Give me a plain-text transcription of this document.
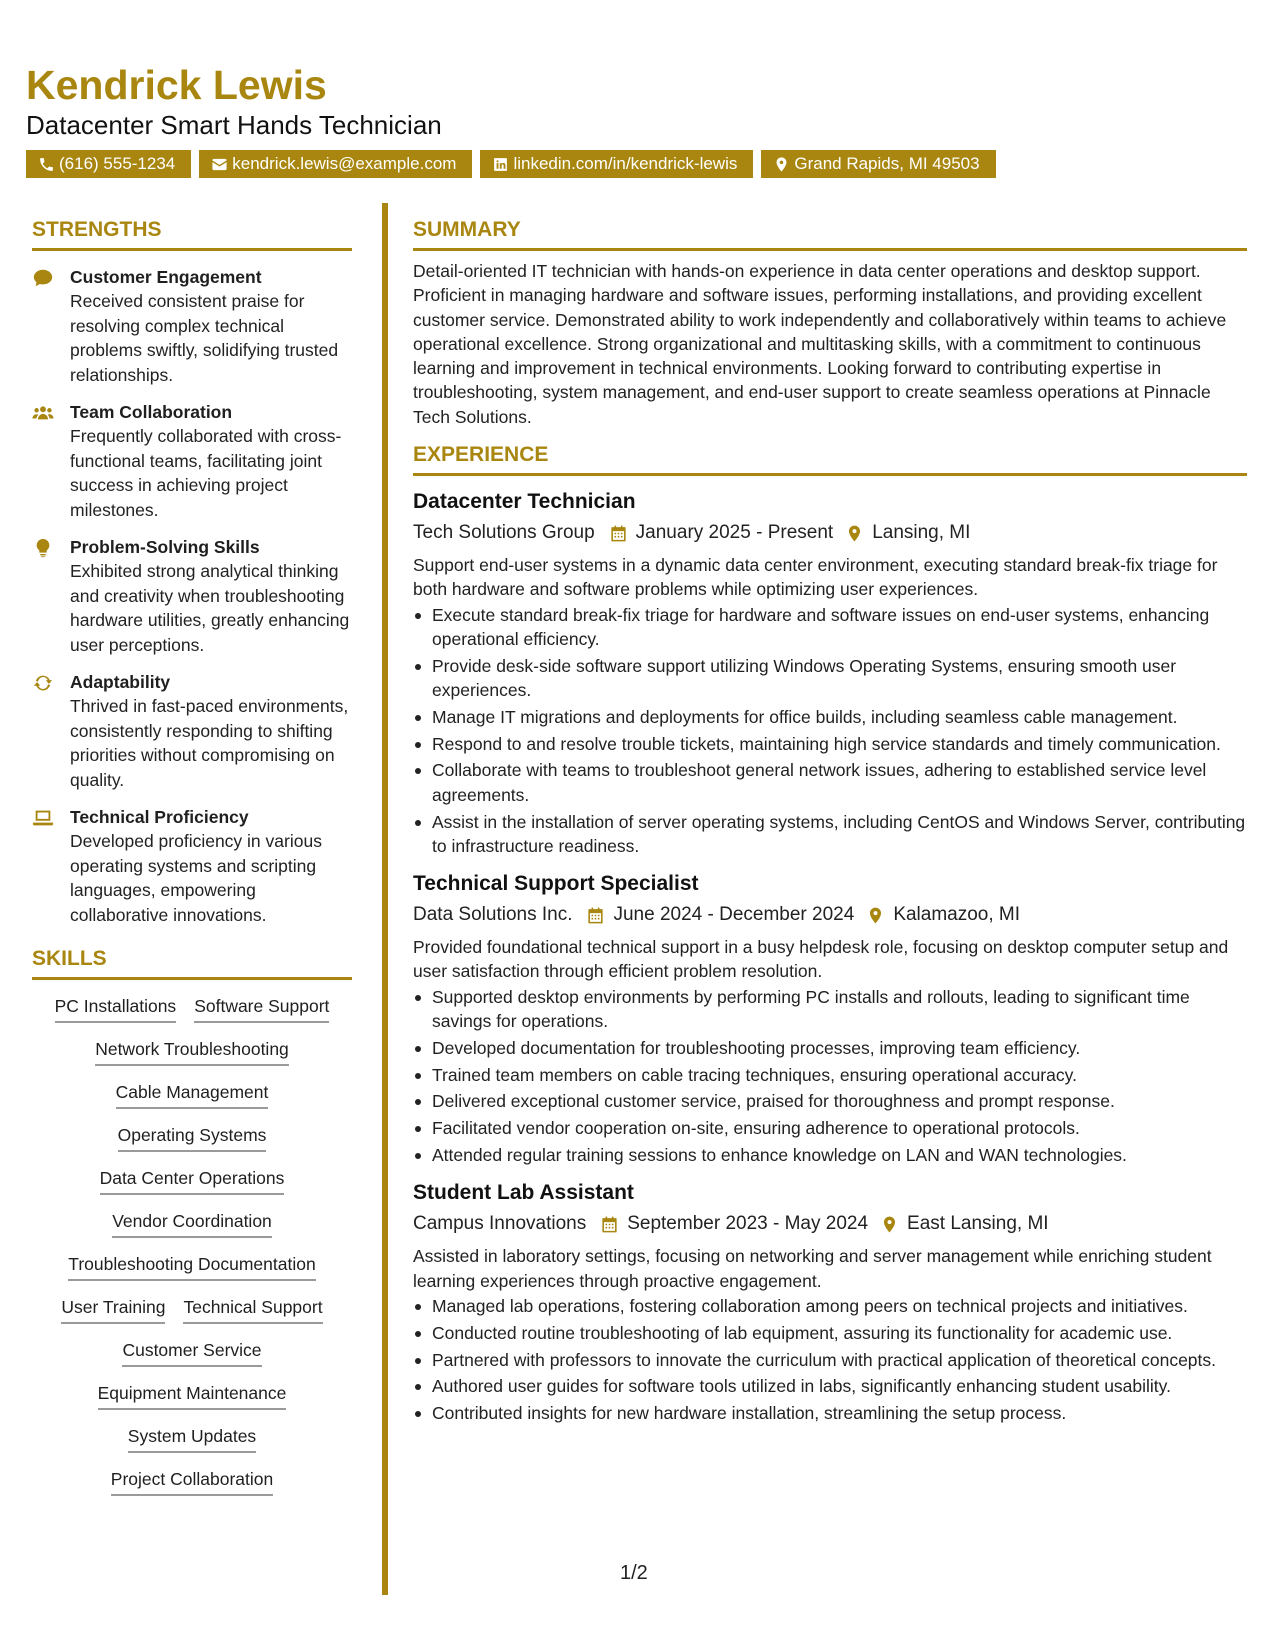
Kendrick Lewis
Datacenter Smart Hands Technician
(616) 555-1234	kendrick.lewis@example.com	linkedin.com/in/kendrick-lewis	Grand Rapids, MI 49503
STRENGTHS
Customer Engagement
Received consistent praise for resolving complex technical problems swiftly, solidifying trusted relationships.
Team Collaboration
Frequently collaborated with cross-functional teams, facilitating joint success in achieving project milestones.
Problem-Solving Skills
Exhibited strong analytical thinking and creativity when troubleshooting hardware utilities, greatly enhancing user perceptions.
Adaptability
Thrived in fast-paced environments, consistently responding to shifting priorities without compromising on quality.
Technical Proficiency
Developed proficiency in various operating systems and scripting languages, empowering collaborative innovations.
SKILLS
PC Installations Software Support
Network Troubleshooting
Cable Management
Operating Systems
Data Center Operations
Vendor Coordination
Troubleshooting Documentation
User Training Technical Support
Customer Service
Equipment Maintenance
System Updates
Project Collaboration
SUMMARY
Detail-oriented IT technician with hands-on experience in data center operations and desktop support. Proficient in managing hardware and software issues, performing installations, and providing excellent customer service. Demonstrated ability to work independently and collaboratively within teams to achieve operational excellence. Strong organizational and multitasking skills, with a commitment to continuous learning and improvement in technical environments. Looking forward to contributing expertise in troubleshooting, system management, and end-user support to create seamless operations at Pinnacle Tech Solutions.
EXPERIENCE
Datacenter Technician
Tech Solutions Group January 2025 - Present Lansing, MI
Support end-user systems in a dynamic data center environment, executing standard break-fix triage for both hardware and software problems while optimizing user experiences.
Execute standard break-fix triage for hardware and software issues on end-user systems, enhancing operational efficiency.
Provide desk-side software support utilizing Windows Operating Systems, ensuring smooth user experiences.
Manage IT migrations and deployments for office builds, including seamless cable management.
Respond to and resolve trouble tickets, maintaining high service standards and timely communication.
Collaborate with teams to troubleshoot general network issues, adhering to established service level agreements.
Assist in the installation of server operating systems, including CentOS and Windows Server, contributing to infrastructure readiness.
Technical Support Specialist
Data Solutions Inc. June 2024 - December 2024 Kalamazoo, MI
Provided foundational technical support in a busy helpdesk role, focusing on desktop computer setup and user satisfaction through efficient problem resolution.
Supported desktop environments by performing PC installs and rollouts, leading to significant time savings for operations.
Developed documentation for troubleshooting processes, improving team efficiency.
Trained team members on cable tracing techniques, ensuring operational accuracy.
Delivered exceptional customer service, praised for thoroughness and prompt response.
Facilitated vendor cooperation on-site, ensuring adherence to operational protocols.
Attended regular training sessions to enhance knowledge on LAN and WAN technologies.
Student Lab Assistant
Campus Innovations September 2023 - May 2024 East Lansing, MI
Assisted in laboratory settings, focusing on networking and server management while enriching student learning experiences through proactive engagement.
Managed lab operations, fostering collaboration among peers on technical projects and initiatives.
Conducted routine troubleshooting of lab equipment, assuring its functionality for academic use.
Partnered with professors to innovate the curriculum with practical application of theoretical concepts.
Authored user guides for software tools utilized in labs, significantly enhancing student usability.
Contributed insights for new hardware installation, streamlining the setup process.
1/2
